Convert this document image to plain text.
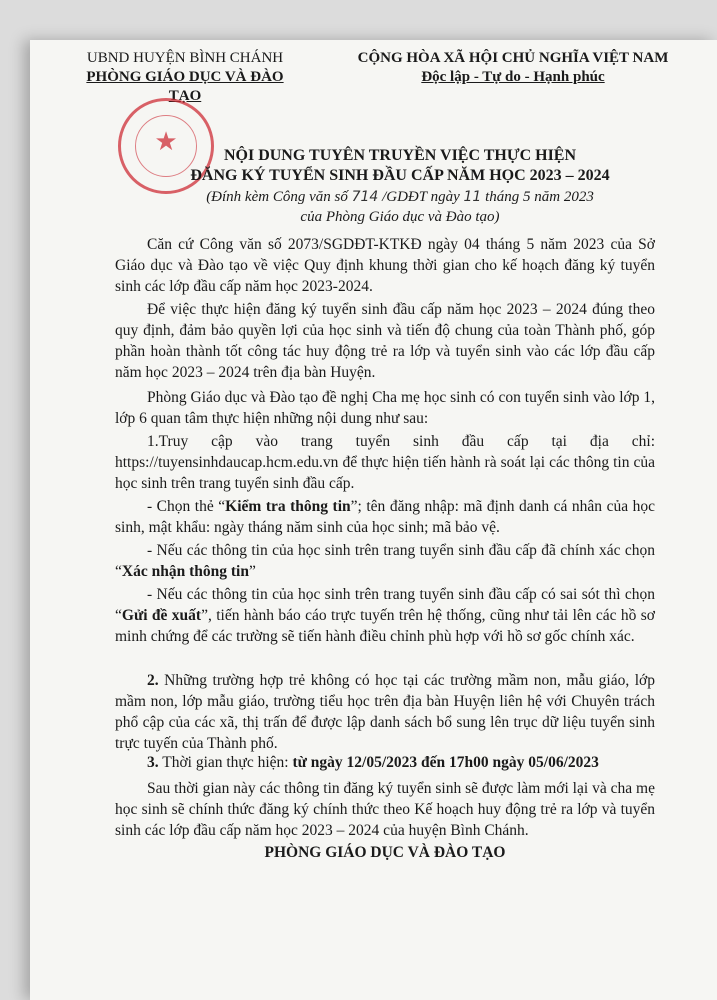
UBND HUYỆN BÌNH CHÁNH
PHÒNG GIÁO DỤC VÀ ĐÀO TẠO
CỘNG HÒA XÃ HỘI CHỦ NGHĨA VIỆT NAM
Độc lập - Tự do - Hạnh phúc
★	NỘI DUNG TUYÊN TRUYỀN VIỆC THỰC HIỆN
ĐĂNG KÝ TUYỂN SINH ĐẦU CẤP NĂM HỌC 2023 – 2024
(Đính kèm Công văn số 714 /GDĐT ngày 11 tháng 5 năm 2023
của Phòng Giáo dục và Đào tạo)

Căn cứ Công văn số 2073/SGDĐT-KTKĐ ngày 04 tháng 5 năm 2023 của Sở Giáo dục và Đào tạo về việc Quy định khung thời gian cho kế hoạch đăng ký tuyển sinh các lớp đầu cấp năm học 2023-2024.

Để việc thực hiện đăng ký tuyển sinh đầu cấp năm học 2023 – 2024 đúng theo quy định, đảm bảo quyền lợi của học sinh và tiến độ chung của toàn Thành phố, góp phần hoàn thành tốt công tác huy động trẻ ra lớp và tuyển sinh vào các lớp đầu cấp năm học 2023 – 2024 trên địa bàn Huyện.

Phòng Giáo dục và Đào tạo đề nghị Cha mẹ học sinh có con tuyển sinh vào lớp 1, lớp 6 quan tâm thực hiện những nội dung như sau:

1.Truy cập vào trang tuyển sinh đầu cấp tại địa chỉ: https://tuyensinhdaucap.hcm.edu.vn để thực hiện tiến hành rà soát lại các thông tin của học sinh trên trang tuyển sinh đầu cấp.

- Chọn thẻ “Kiểm tra thông tin”; tên đăng nhập: mã định danh cá nhân của học sinh, mật khẩu: ngày tháng năm sinh của học sinh; mã bảo vệ.

- Nếu các thông tin của học sinh trên trang tuyển sinh đầu cấp đã chính xác chọn “Xác nhận thông tin”

- Nếu các thông tin của học sinh trên trang tuyển sinh đầu cấp có sai sót thì chọn “Gửi đề xuất”, tiến hành báo cáo trực tuyến trên hệ thống, cũng như tải lên các hồ sơ minh chứng để các trường sẽ tiến hành điều chỉnh phù hợp với hồ sơ gốc chính xác.

2. Những trường hợp trẻ không có học tại các trường mầm non, mẫu giáo, lớp mầm non, lớp mẫu giáo, trường tiểu học trên địa bàn Huyện liên hệ với Chuyên trách phổ cập của các xã, thị trấn để được lập danh sách bổ sung lên trục dữ liệu tuyển sinh trực tuyến của Thành phố.

3. Thời gian thực hiện: từ ngày 12/05/2023 đến 17h00 ngày 05/06/2023

Sau thời gian này các thông tin đăng ký tuyển sinh sẽ được làm mới lại và cha mẹ học sinh sẽ chính thức đăng ký chính thức theo Kế hoạch huy động trẻ ra lớp và tuyển sinh các lớp đầu cấp năm học 2023 – 2024 của huyện Bình Chánh.

PHÒNG GIÁO DỤC VÀ ĐÀO TẠO
